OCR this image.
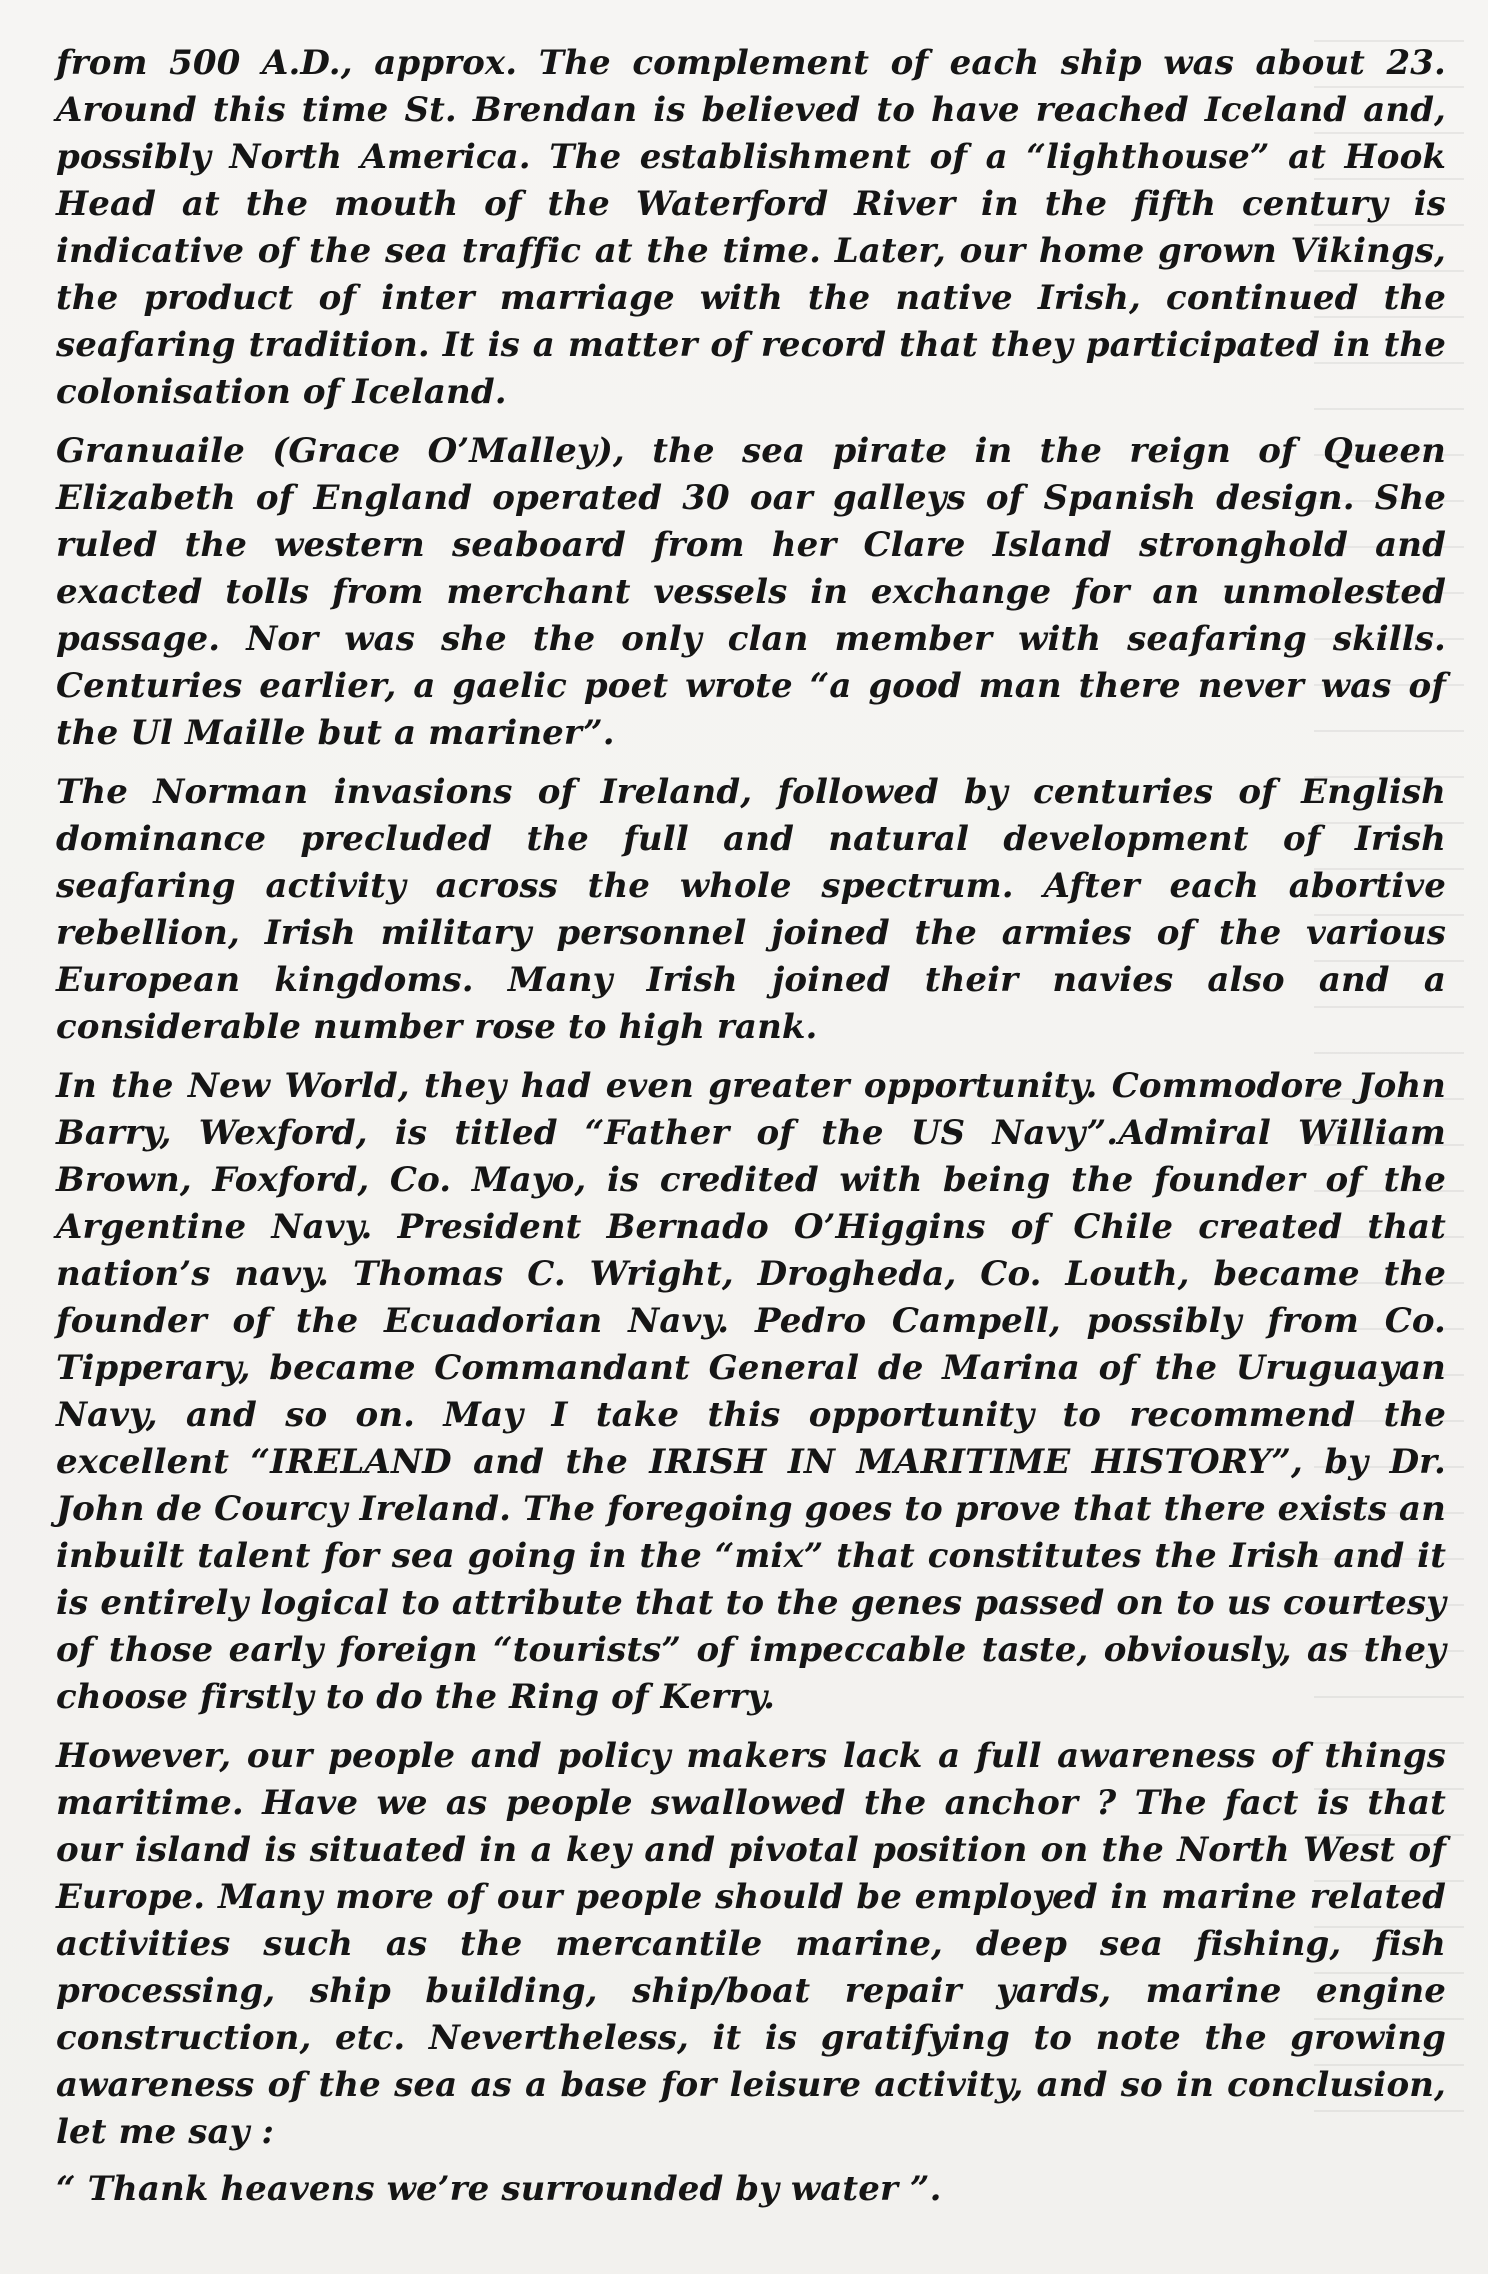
from 500 A.D., approx. The complement of each ship was about 23. Around this time St. Brendan is believed to have reached Iceland and, possibly North America. The establishment of a “lighthouse” at Hook Head at the mouth of the Waterford River in the fifth century is indicative of the sea traffic at the time. Later, our home grown Vikings, the product of inter marriage with the native Irish, continued the seafaring tradition. It is a matter of record that they participated in the colonisation of Iceland.

Granuaile (Grace O’Malley), the sea pirate in the reign of Queen Elizabeth of England operated 30 oar galleys of Spanish design. She ruled the western seaboard from her Clare Island stronghold and exacted tolls from merchant vessels in exchange for an unmolested passage. Nor was she the only clan member with seafaring skills. Centuries earlier, a gaelic poet wrote “a good man there never was of the Ul Maille but a mariner”.

The Norman invasions of Ireland, followed by centuries of English dominance precluded the full and natural development of Irish seafaring activity across the whole spectrum. After each abortive rebellion, Irish military personnel joined the armies of the various European kingdoms. Many Irish joined their navies also and a considerable number rose to high rank.

In the New World, they had even greater opportunity. Commodore John Barry, Wexford, is titled “Father of the US Navy”.Admiral William Brown, Foxford, Co. Mayo, is credited with being the founder of the Argentine Navy. President Bernado O’Higgins of Chile created that nation’s navy. Thomas C. Wright, Drogheda, Co. Louth, became the founder of the Ecuadorian Navy. Pedro Campell, possibly from Co. Tipperary, became Commandant General de Marina of the Uruguayan Navy, and so on. May I take this opportunity to recommend the excellent “IRELAND and the IRISH IN MARITIME HISTORY”, by Dr. John de Courcy Ireland. The foregoing goes to prove that there exists an inbuilt talent for sea going in the “mix” that constitutes the Irish and it is entirely logical to attribute that to the genes passed on to us courtesy of those early foreign “tourists” of impeccable taste, obviously, as they choose firstly to do the Ring of Kerry.

However, our people and policy makers lack a full awareness of things maritime. Have we as people swallowed the anchor ? The fact is that our island is situated in a key and pivotal position on the North West of Europe. Many more of our people should be employed in marine related activities such as the mercantile marine, deep sea fishing, fish processing, ship building, ship/boat repair yards, marine engine construction, etc. Nevertheless, it is gratifying to note the growing awareness of the sea as a base for leisure activity, and so in conclusion, let me say :

“ Thank heavens we’re surrounded by water ”.
